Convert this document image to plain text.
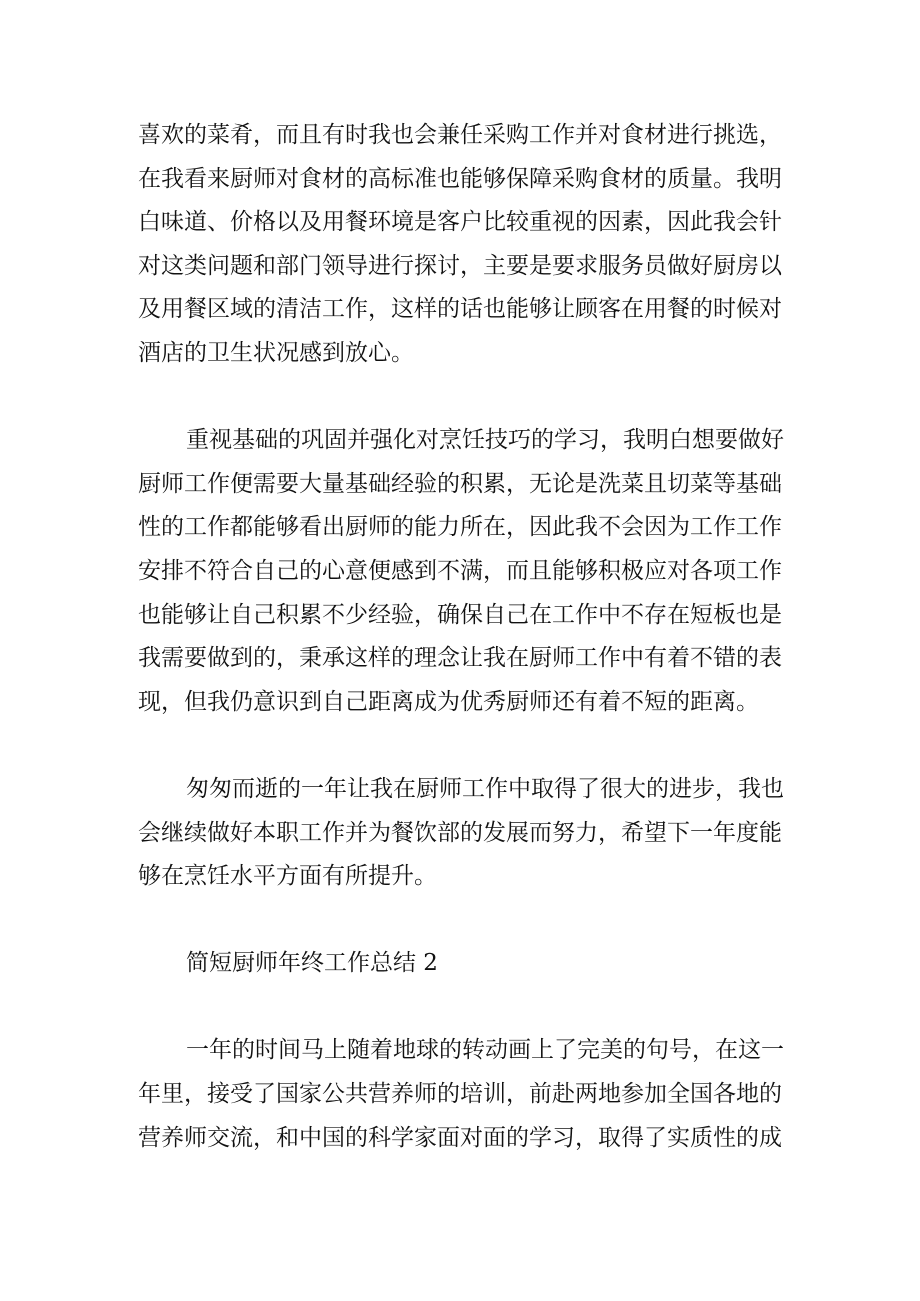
喜欢的菜肴，而且有时我也会兼任采购工作并对食材进行挑选，
在我看来厨师对食材的高标准也能够保障采购食材的质量。我明
白味道、价格以及用餐环境是客户比较重视的因素，因此我会针
对这类问题和部门领导进行探讨，主要是要求服务员做好厨房以
及用餐区域的清洁工作，这样的话也能够让顾客在用餐的时候对
酒店的卫生状况感到放心。
重视基础的巩固并强化对烹饪技巧的学习，我明白想要做好
厨师工作便需要大量基础经验的积累，无论是洗菜且切菜等基础
性的工作都能够看出厨师的能力所在，因此我不会因为工作工作
安排不符合自己的心意便感到不满，而且能够积极应对各项工作
也能够让自己积累不少经验，确保自己在工作中不存在短板也是
我需要做到的，秉承这样的理念让我在厨师工作中有着不错的表
现，但我仍意识到自己距离成为优秀厨师还有着不短的距离。
匆匆而逝的一年让我在厨师工作中取得了很大的进步，我也
会继续做好本职工作并为餐饮部的发展而努力，希望下一年度能
够在烹饪水平方面有所提升。
简短厨师年终工作总结 2
一年的时间马上随着地球的转动画上了完美的句号，在这一
年里，接受了国家公共营养师的培训，前赴两地参加全国各地的
营养师交流，和中国的科学家面对面的学习，取得了实质性的成
